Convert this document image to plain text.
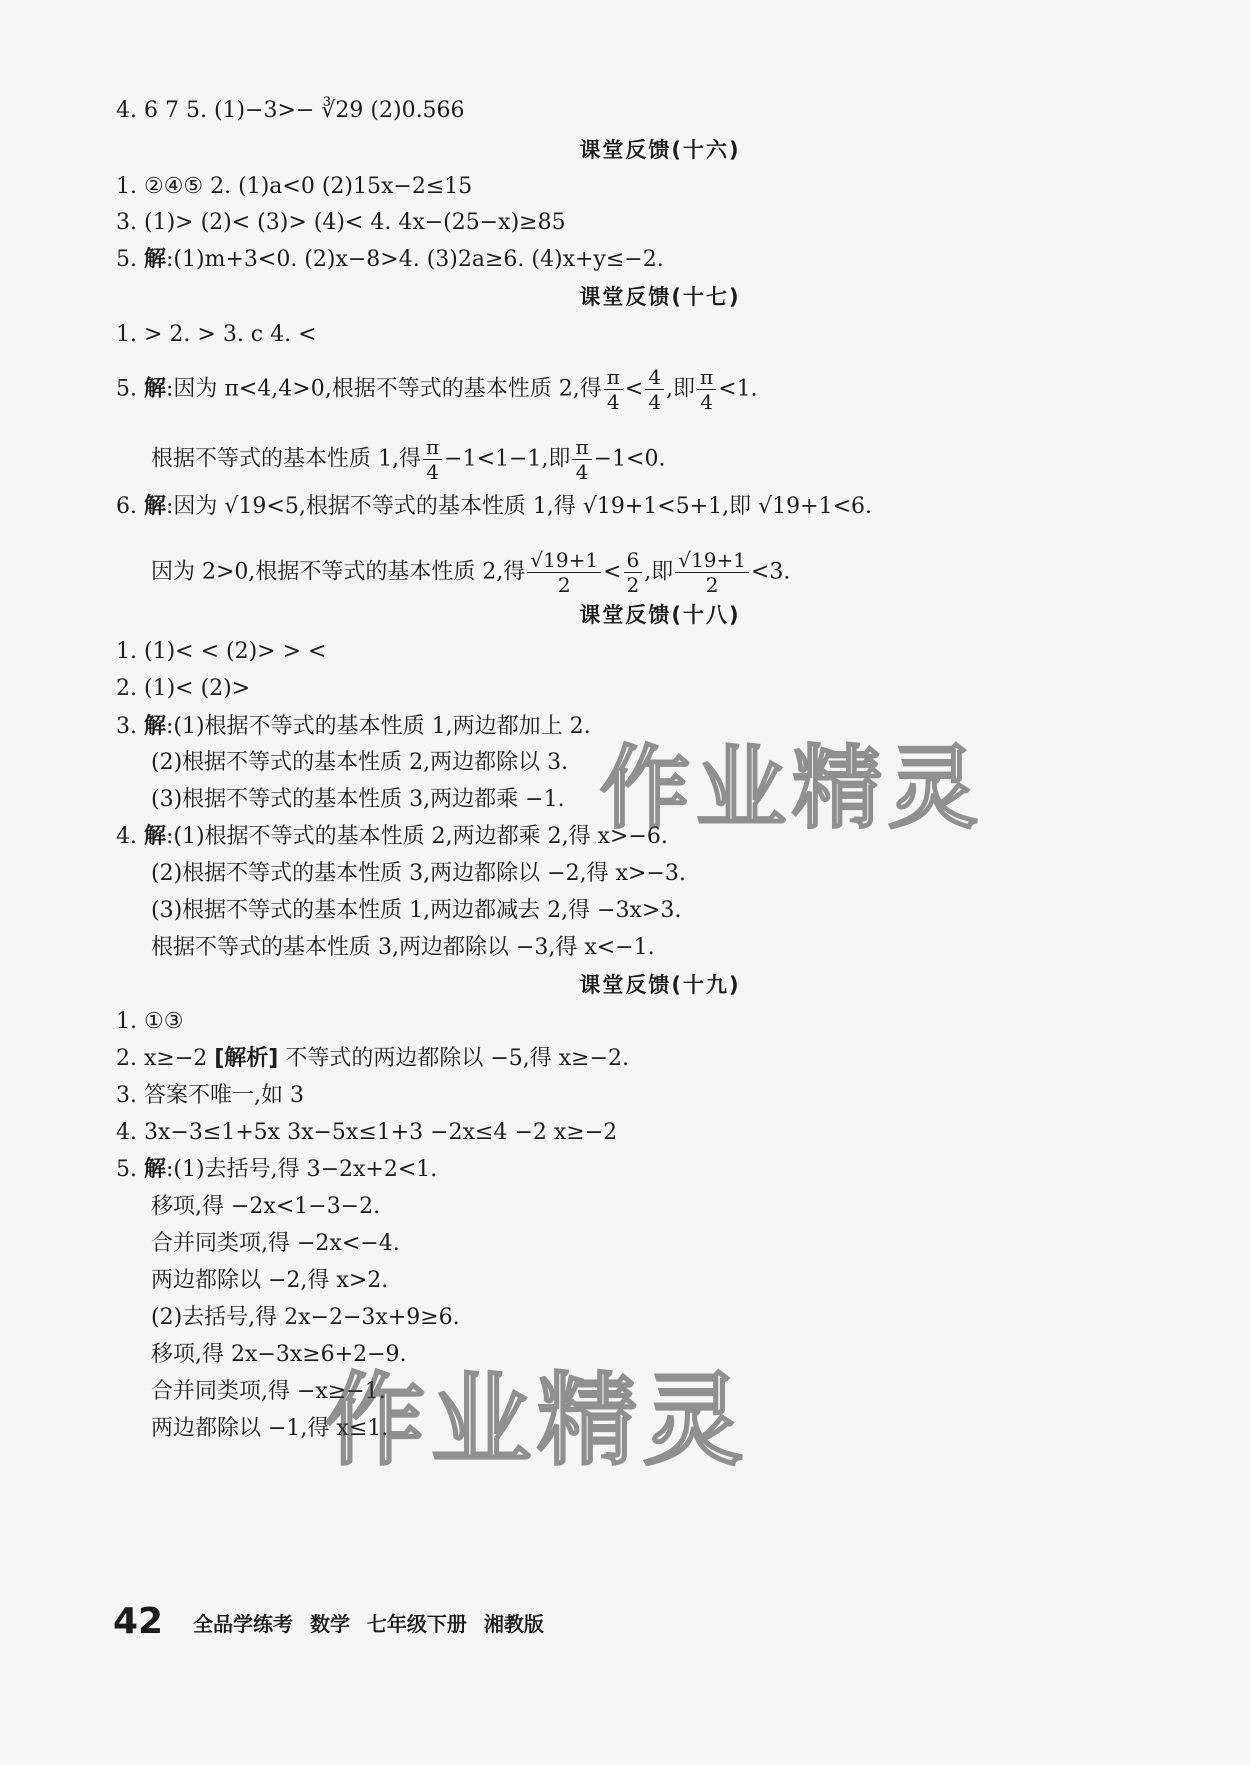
4. 6 7 5. (1)−3>− ∛29 (2)0.566
课堂反馈(十六)
1. ②④⑤ 2. (1)a<0 (2)15x−2≤15
3. (1)> (2)< (3)> (4)< 4. 4x−(25−x)≥85
5. 解:(1)m+3<0. (2)x−8>4. (3)2a≥6. (4)x+y≤−2.
课堂反馈(十七)
1. > 2. > 3. c 4. <
5. 解:因为 π<4,4>0,根据不等式的基本性质 2,得 $\frac{\pi}{4} < \frac{4}{4}$ ,即 $\frac{\pi}{4} <1$.
根据不等式的基本性质 1,得 $\frac{\pi}{4} -1<1-1$,即 $\frac{\pi}{4} -1<0$.
6. 解:因为 √19<5,根据不等式的基本性质 1,得 √19+1<5+1,即 √19+1<6.
因为 2>0,根据不等式的基本性质 2,得 $\frac{√19+1}{2} < \frac{6}{2}$ ,即 $\frac{√19+1}{2} <3$.
课堂反馈(十八)
1. (1)< < (2)> > <
2. (1)< (2)>
3. 解:(1)根据不等式的基本性质 1,两边都加上 2.
(2)根据不等式的基本性质 2,两边都除以 3.
(3)根据不等式的基本性质 3,两边都乘 −1.
4. 解:(1)根据不等式的基本性质 2,两边都乘 2,得 x>−6.
(2)根据不等式的基本性质 3,两边都除以 −2,得 x>−3.
(3)根据不等式的基本性质 1,两边都减去 2,得 −3x>3.
根据不等式的基本性质 3,两边都除以 −3,得 x<−1.
课堂反馈(十九)
1. ①③
2. x≥−2 [解析] 不等式的两边都除以 −5,得 x≥−2.
3. 答案不唯一,如 3
4. 3x−3≤1+5x 3x−5x≤1+3 −2x≤4 −2 x≥−2
5. 解:(1)去括号,得 3−2x+2<1.
移项,得 −2x<1−3−2.
合并同类项,得 −2x<−4.
两边都除以 −2,得 x>2.
(2)去括号,得 2x−2−3x+9≥6.
移项,得 2x−3x≥6+2−9.
合并同类项,得 −x≥−1.
两边都除以 −1,得 x≤1.
作业精灵
作业精灵
42 全品学练考 数学 七年级下册 湘教版
